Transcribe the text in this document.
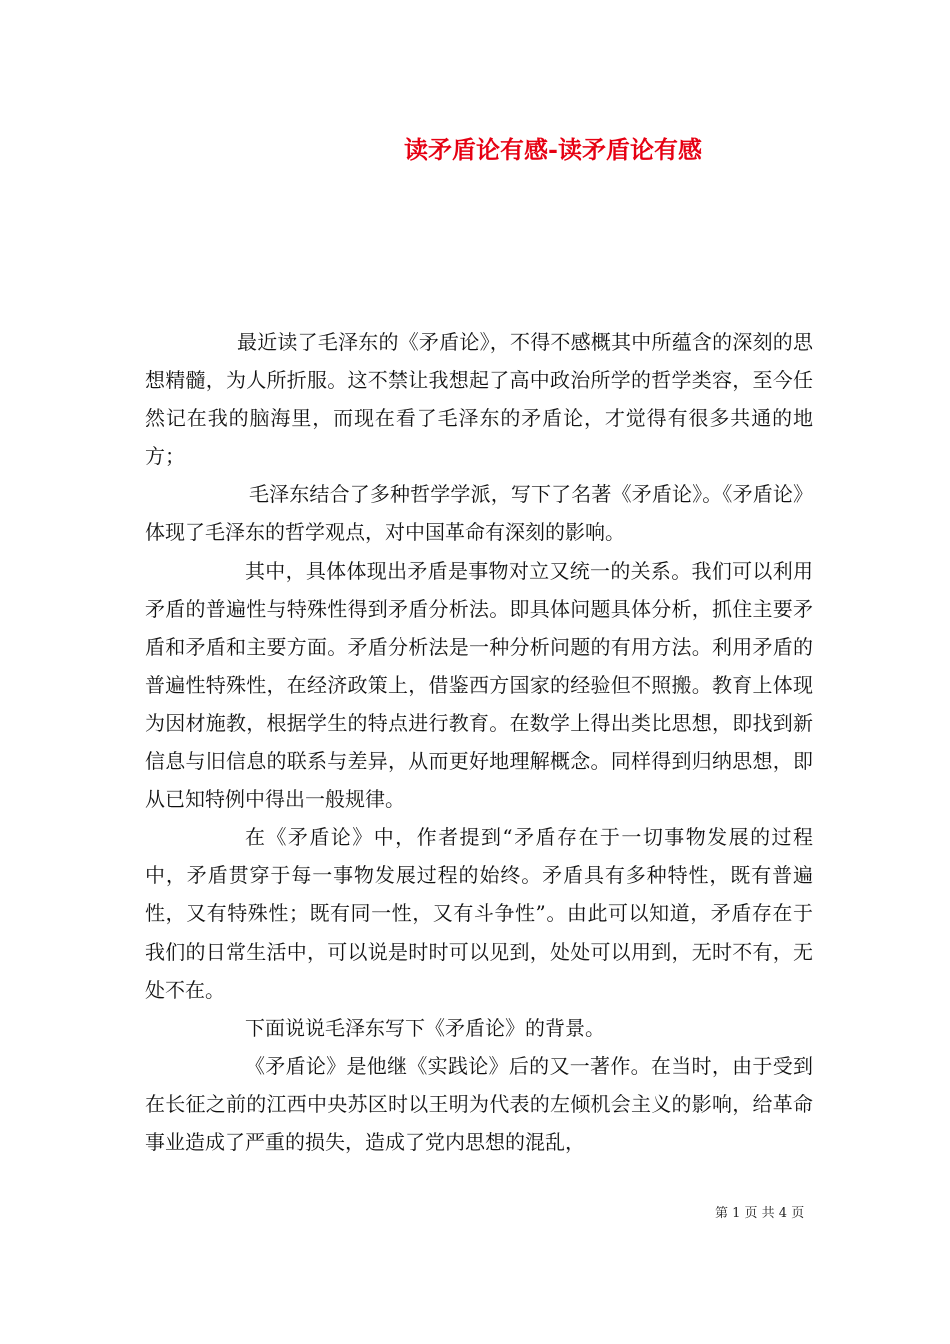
读矛盾论有感-读矛盾论有感

最近读了毛泽东的《矛盾论》，不得不感概其中所蕴含的深刻的思想精髓，为人所折服。这不禁让我想起了高中政治所学的哲学类容，至今任然记在我的脑海里，而现在看了毛泽东的矛盾论，才觉得有很多共通的地方；

毛泽东结合了多种哲学学派，写下了名著《矛盾论》。《矛盾论》体现了毛泽东的哲学观点，对中国革命有深刻的影响。

其中，具体体现出矛盾是事物对立又统一的关系。我们可以利用矛盾的普遍性与特殊性得到矛盾分析法。即具体问题具体分析，抓住主要矛盾和矛盾和主要方面。矛盾分析法是一种分析问题的有用方法。利用矛盾的普遍性特殊性，在经济政策上，借鉴西方国家的经验但不照搬。教育上体现为因材施教，根据学生的特点进行教育。在数学上得出类比思想，即找到新信息与旧信息的联系与差异，从而更好地理解概念。同样得到归纳思想，即从已知特例中得出一般规律。

在《矛盾论》中，作者提到“矛盾存在于一切事物发展的过程中，矛盾贯穿于每一事物发展过程的始终。矛盾具有多种特性，既有普遍性，又有特殊性；既有同一性，又有斗争性”。由此可以知道，矛盾存在于我们的日常生活中，可以说是时时可以见到，处处可以用到，无时不有，无处不在。

下面说说毛泽东写下《矛盾论》的背景。

《矛盾论》是他继《实践论》后的又一著作。在当时，由于受到在长征之前的江西中央苏区时以王明为代表的左倾机会主义的影响，给革命事业造成了严重的损失，造成了党内思想的混乱，

第 1 页 共 4 页
